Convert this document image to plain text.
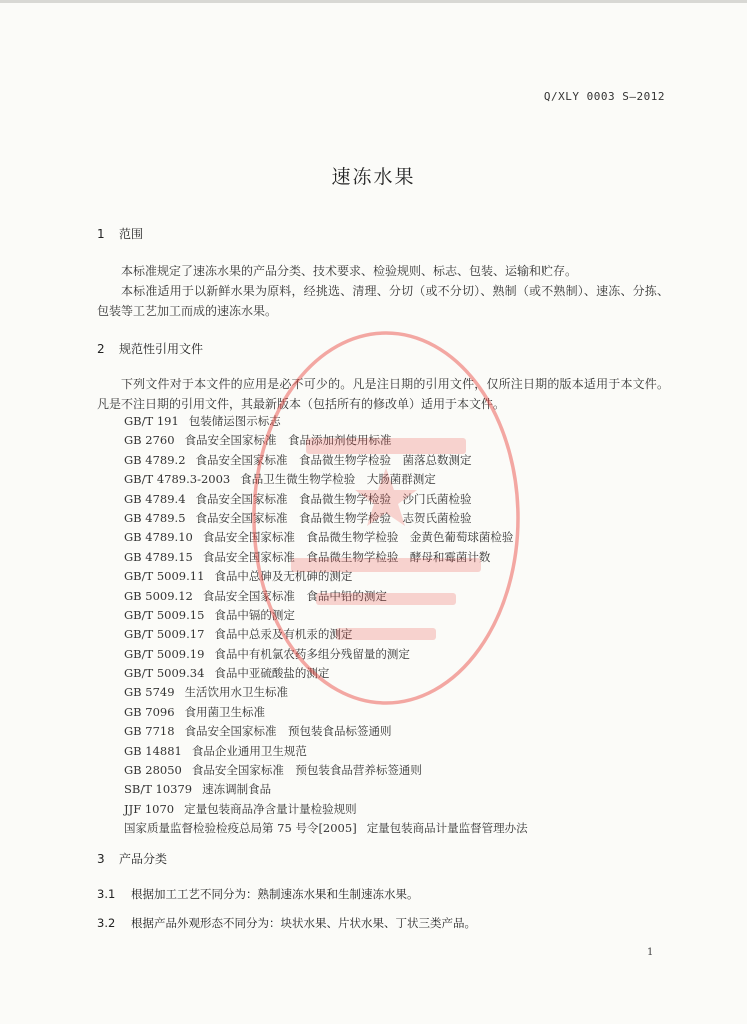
Q/XLY 0003 S—2012
速冻水果
1 范围
本标准规定了速冻水果的产品分类、技术要求、检验规则、标志、包装、运输和贮存。
本标准适用于以新鲜水果为原料，经挑选、清理、分切（或不分切）、熟制（或不熟制）、速冻、分拣、包装等工艺加工而成的速冻水果。
2 规范性引用文件
下列文件对于本文件的应用是必不可少的。凡是注日期的引用文件，仅所注日期的版本适用于本文件。凡是不注日期的引用文件，其最新版本（包括所有的修改单）适用于本文件。
GB/T 191 包装储运图示标志
GB 2760 食品安全国家标准　食品添加剂使用标准
GB 4789.2 食品安全国家标准　食品微生物学检验　菌落总数测定
GB/T 4789.3-2003 食品卫生微生物学检验　大肠菌群测定
GB 4789.4 食品安全国家标准　食品微生物学检验　沙门氏菌检验
GB 4789.5 食品安全国家标准　食品微生物学检验　志贺氏菌检验
GB 4789.10 食品安全国家标准　食品微生物学检验　金黄色葡萄球菌检验
GB 4789.15 食品安全国家标准　食品微生物学检验　酵母和霉菌计数
GB/T 5009.11 食品中总砷及无机砷的测定
GB 5009.12 食品安全国家标准　食品中铅的测定
GB/T 5009.15 食品中镉的测定
GB/T 5009.17 食品中总汞及有机汞的测定
GB/T 5009.19 食品中有机氯农药多组分残留量的测定
GB/T 5009.34 食品中亚硫酸盐的测定
GB 5749 生活饮用水卫生标准
GB 7096 食用菌卫生标准
GB 7718 食品安全国家标准　预包装食品标签通则
GB 14881 食品企业通用卫生规范
GB 28050 食品安全国家标准　预包装食品营养标签通则
SB/T 10379 速冻调制食品
JJF 1070 定量包装商品净含量计量检验规则
国家质量监督检验检疫总局第 75 号令[2005] 定量包装商品计量监督管理办法
3 产品分类
3.1 根据加工工艺不同分为：熟制速冻水果和生制速冻水果。
3.2 根据产品外观形态不同分为：块状水果、片状水果、丁状三类产品。
1
